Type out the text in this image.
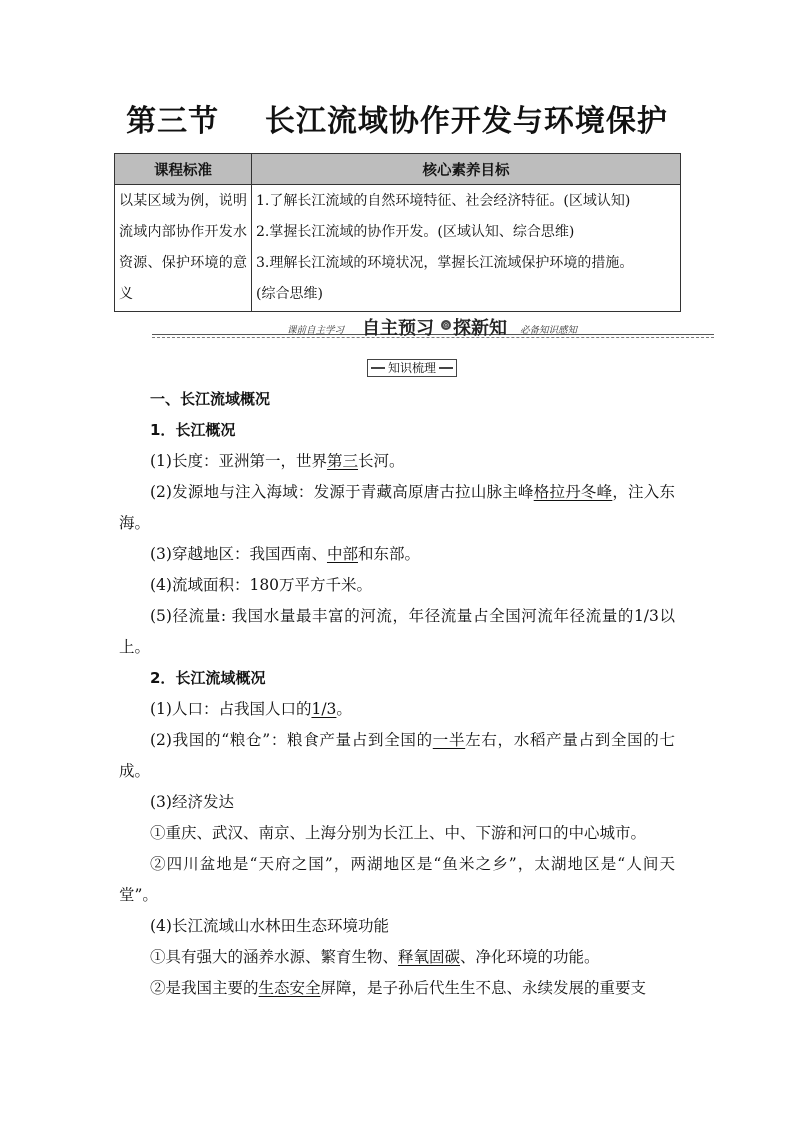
第三节 长江流域协作开发与环境保护
课程标准	核心素养目标
以某区域为例，说明流域内部协作开发水资源、保护环境的意义	1.了解长江流域的自然环境特征、社会经济特征。(区域认知)
2.掌握长江流域的协作开发。(区域认知、综合思维)
3.理解长江流域的环境状况，掌握长江流域保护环境的措施。
(综合思维)
课前自主学习 自主预习 ◎ 探新知 必备知识感知
知识梳理

一、长江流域概况

1．长江概况

(1)长度：亚洲第一，世界第三长河。

(2)发源地与注入海域：发源于青藏高原唐古拉山脉主峰格拉丹冬峰，注入东海。

(3)穿越地区：我国西南、中部和东部。

(4)流域面积：180万平方千米。

(5)径流量: 我国水量最丰富的河流，年径流量占全国河流年径流量的1/3以上。

2．长江流域概况

(1)人口：占我国人口的1/3。

(2)我国的“粮仓”：粮食产量占到全国的一半左右，水稻产量占到全国的七成。

(3)经济发达

①重庆、武汉、南京、上海分别为长江上、中、下游和河口的中心城市。

②四川盆地是“天府之国”，两湖地区是“鱼米之乡”，太湖地区是“人间天堂”。

(4)长江流域山水林田生态环境功能

①具有强大的涵养水源、繁育生物、释氧固碳、净化环境的功能。

②是我国主要的生态安全屏障，是子孙后代生生不息、永续发展的重要支
